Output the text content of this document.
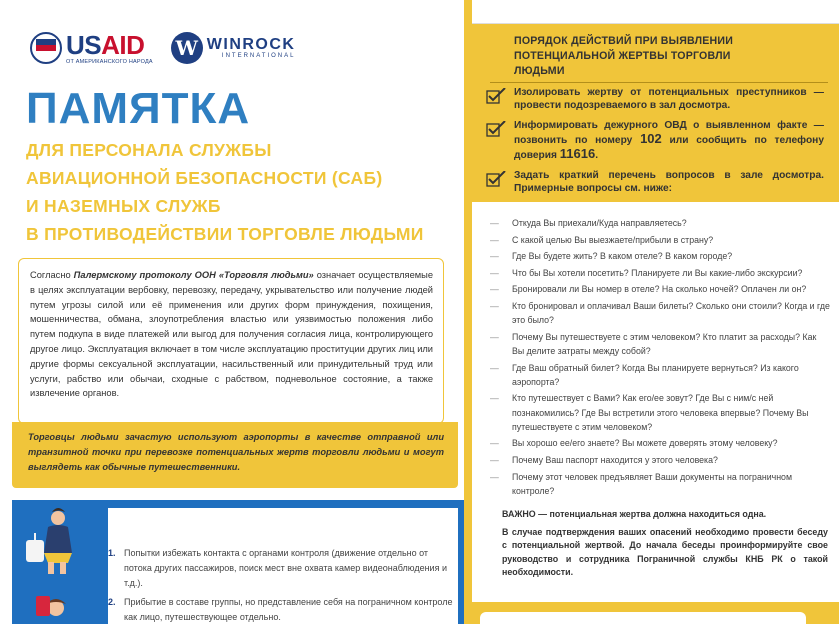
USAID
ОТ АМЕРИКАНСКОГО НАРОДА
W WINROCK
INTERNATIONAL
ПАМЯТКА
ДЛЯ ПЕРСОНАЛА СЛУЖБЫ
АВИАЦИОННОЙ БЕЗОПАСНОСТИ (САБ)
И НАЗЕМНЫХ СЛУЖБ
В ПРОТИВОДЕЙСТВИИ ТОРГОВЛЕ ЛЮДЬМИ
Согласно Палермскому протоколу ООН «Торговля людьми» означает осуществляемые в целях эксплуатации вербовку, перевозку, передачу, укрывательство или получение людей путем угрозы силой или её применения или других форм принуждения, похищения, мошенничества, обмана, злоупотребления властью или уязвимостью положения либо путем подкупа в виде платежей или выгод для получения согласия лица, контролирующего другое лицо. Эксплуатация включает в том числе эксплуатацию проституции других лиц или другие формы сексуальной эксплуатации, насильственный или принудительный труд или услуги, рабство или обычаи, сходные с рабством, подневольное состояние, а также извлечение органов.
Торговцы людьми зачастую используют аэропорты в качестве отправной или транзитной точки при перевозке потенциальных жертв торговли людьми и могут выглядеть как обычные путешественники.
ОБЩИЕ ПРИЗНАКИ ПОВЕДЕНИЯ ЖЕРТВЫ
ТОРГОВЛИ ЛЮДЬМИ
1. Попытки избежать контакта с органами контроля (движение отдельно от потока других пассажиров, поиск мест вне охвата камер видеонаблюдения и т.д.).
2. Прибытие в составе группы, но представление себя на пограничном контроле как лицо, путешествующее отдельно.
ПОРЯДОК ДЕЙСТВИЙ ПРИ ВЫЯВЛЕНИИ
ПОТЕНЦИАЛЬНОЙ ЖЕРТВЫ ТОРГОВЛИ
ЛЮДЬМИ
Изолировать жертву от потенциальных преступников — провести подозреваемого в зал досмотра.
Информировать дежурного ОВД о выявленном факте — позвонить по номеру 102 или сообщить по телефону доверия 11616.
Задать краткий перечень вопросов в зале досмотра. Примерные вопросы см. ниже:
—	Откуда Вы приехали/Куда направляетесь?
—	С какой целью Вы выезжаете/прибыли в страну?
—	Где Вы будете жить? В каком отеле? В каком городе?
—	Что бы Вы хотели посетить? Планируете ли Вы какие-либо экскурсии?
—	Бронировали ли Вы номер в отеле? На сколько ночей? Оплачен ли он?
—	Кто бронировал и оплачивал Ваши билеты? Сколько они стоили? Когда и где это было?
—	Почему Вы путешествуете с этим человеком? Кто платит за расходы? Как Вы делите затраты между собой?
—	Где Ваш обратный билет? Когда Вы планируете вернуться? Из какого аэропорта?
—	Кто путешествует с Вами? Как его/ее зовут? Где Вы с ним/с ней познакомились? Где Вы встретили этого человека впервые? Почему Вы путешествуете с этим человеком?
—	Вы хорошо ее/его знаете? Вы можете доверять этому человеку?
—	Почему Ваш паспорт находится у этого человека?
—	Почему этот человек предъявляет Ваши документы на пограничном контроле?

ВАЖНО — потенциальная жертва должна находиться одна.

В случае подтверждения ваших опасений необходимо провести беседу с потенциальной жертвой. До начала беседы проинформируйте свое руководство и сотрудника Пограничной службы КНБ РК о такой необходимости.
